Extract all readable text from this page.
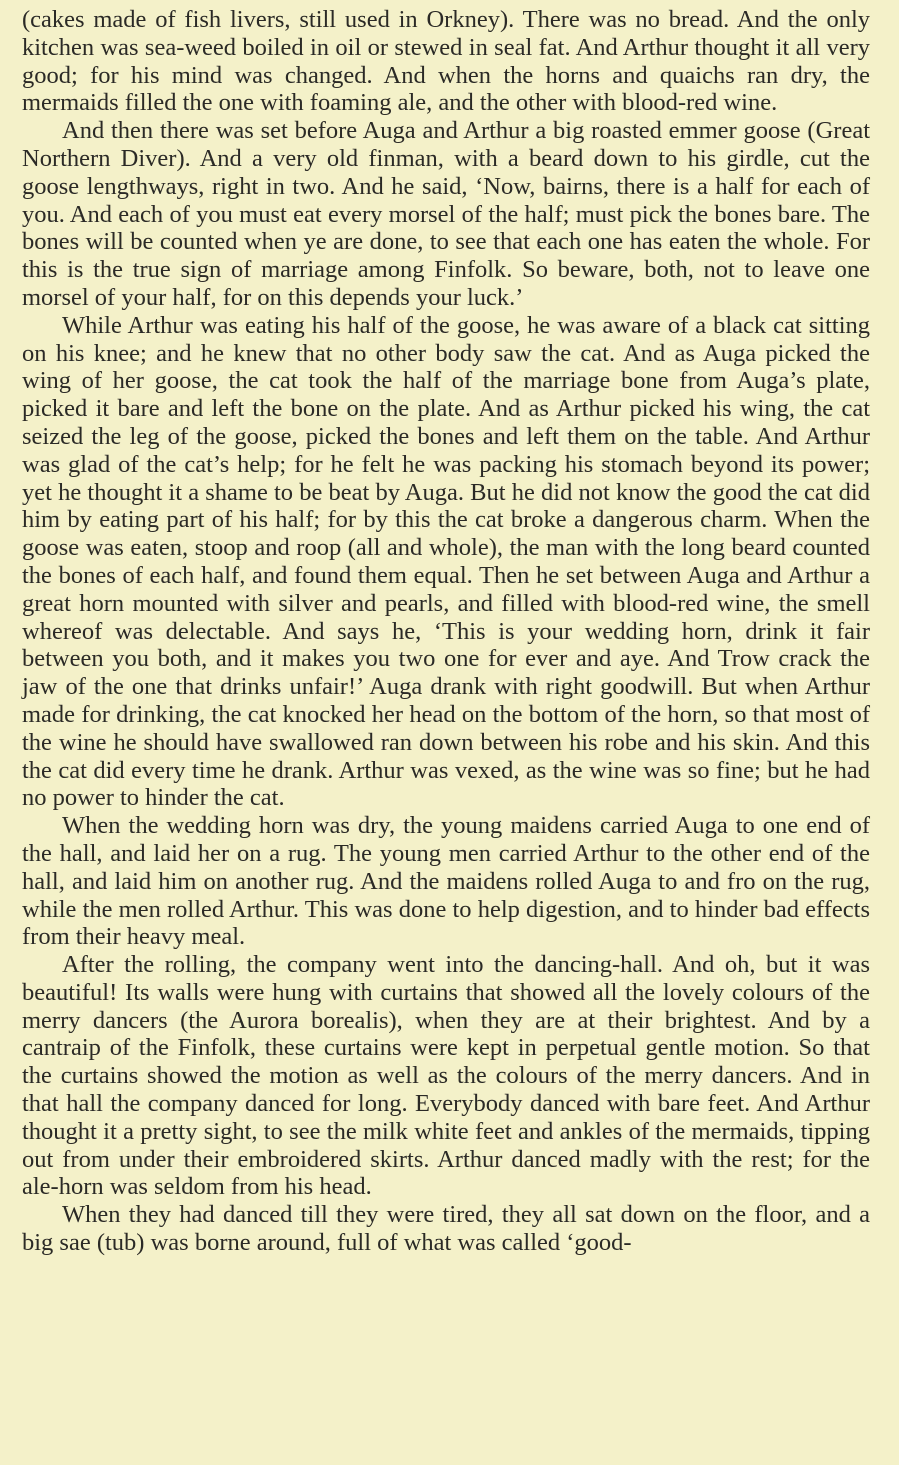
(cakes made of fish livers, still used in Orkney). There was no bread. And the only kitchen was sea-weed boiled in oil or stewed in seal fat. And Arthur thought it all very good; for his mind was changed. And when the horns and quaichs ran dry, the mermaids filled the one with foaming ale, and the other with blood-red wine.

And then there was set before Auga and Arthur a big roasted emmer goose (Great Northern Diver). And a very old finman, with a beard down to his girdle, cut the goose lengthways, right in two. And he said, ‘Now, bairns, there is a half for each of you. And each of you must eat every morsel of the half; must pick the bones bare. The bones will be counted when ye are done, to see that each one has eaten the whole. For this is the true sign of marriage among Finfolk. So beware, both, not to leave one morsel of your half, for on this depends your luck.’

While Arthur was eating his half of the goose, he was aware of a black cat sitting on his knee; and he knew that no other body saw the cat. And as Auga picked the wing of her goose, the cat took the half of the marriage bone from Auga’s plate, picked it bare and left the bone on the plate. And as Arthur picked his wing, the cat seized the leg of the goose, picked the bones and left them on the table. And Arthur was glad of the cat’s help; for he felt he was packing his stomach beyond its power; yet he thought it a shame to be beat by Auga. But he did not know the good the cat did him by eating part of his half; for by this the cat broke a dangerous charm. When the goose was eaten, stoop and roop (all and whole), the man with the long beard counted the bones of each half, and found them equal. Then he set between Auga and Arthur a great horn mounted with silver and pearls, and filled with blood-red wine, the smell whereof was delectable. And says he, ‘This is your wedding horn, drink it fair between you both, and it makes you two one for ever and aye. And Trow crack the jaw of the one that drinks unfair!’ Auga drank with right goodwill. But when Arthur made for drinking, the cat knocked her head on the bottom of the horn, so that most of the wine he should have swallowed ran down between his robe and his skin. And this the cat did every time he drank. Arthur was vexed, as the wine was so fine; but he had no power to hinder the cat.

When the wedding horn was dry, the young maidens carried Auga to one end of the hall, and laid her on a rug. The young men carried Arthur to the other end of the hall, and laid him on another rug. And the maidens rolled Auga to and fro on the rug, while the men rolled Arthur. This was done to help digestion, and to hinder bad effects from their heavy meal.

After the rolling, the company went into the dancing-hall. And oh, but it was beautiful! Its walls were hung with curtains that showed all the lovely colours of the merry dancers (the Aurora borealis), when they are at their brightest. And by a cantraip of the Finfolk, these curtains were kept in perpetual gentle motion. So that the curtains showed the motion as well as the colours of the merry dancers. And in that hall the company danced for long. Everybody danced with bare feet. And Arthur thought it a pretty sight, to see the milk white feet and ankles of the mermaids, tipping out from under their embroidered skirts. Arthur danced madly with the rest; for the ale-horn was seldom from his head.

When they had danced till they were tired, they all sat down on the floor, and a big sae (tub) was borne around, full of what was called ‘good-
